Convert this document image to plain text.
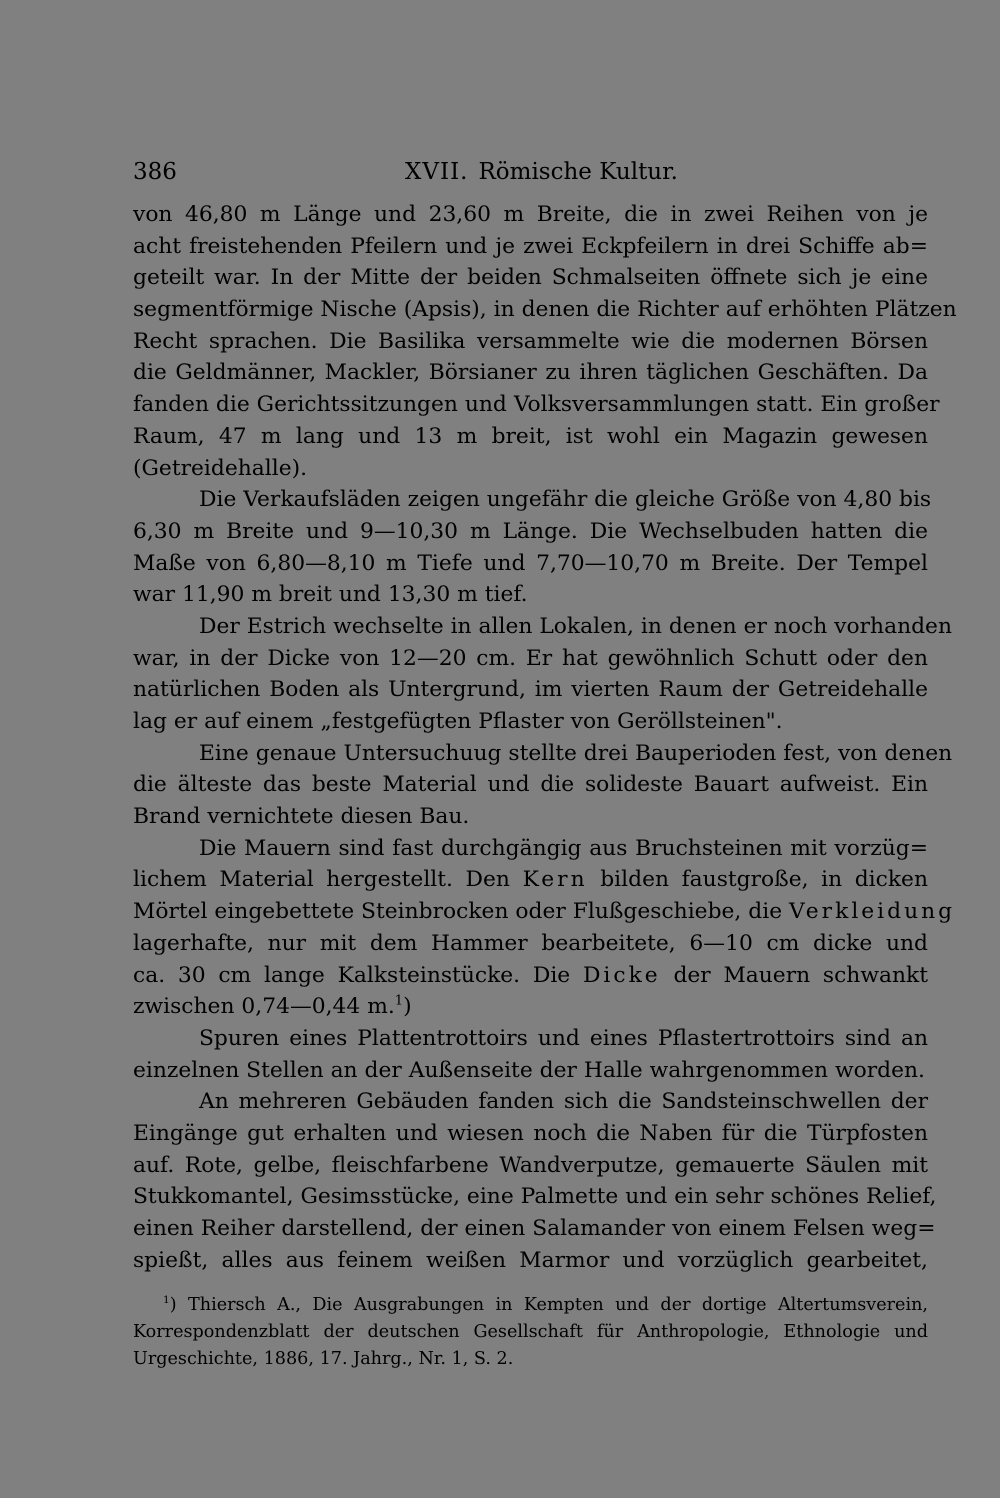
386	XVII. Römische Kultur.
von 46,80 m Länge und 23,60 m Breite, die in zwei Reihen von je
acht freistehenden Pfeilern und je zwei Eckpfeilern in drei Schiffe ab=
geteilt war. In der Mitte der beiden Schmalseiten öffnete sich je eine
segmentförmige Nische (Apsis), in denen die Richter auf erhöhten Plätzen
Recht sprachen. Die Basilika versammelte wie die modernen Börsen
die Geldmänner, Mackler, Börsianer zu ihren täglichen Geschäften. Da
fanden die Gerichtssitzungen und Volksversammlungen statt. Ein großer
Raum, 47 m lang und 13 m breit, ist wohl ein Magazin gewesen
(Getreidehalle).
Die Verkaufsläden zeigen ungefähr die gleiche Größe von 4,80 bis
6,30 m Breite und 9—10,30 m Länge. Die Wechselbuden hatten die
Maße von 6,80—8,10 m Tiefe und 7,70—10,70 m Breite. Der Tempel
war 11,90 m breit und 13,30 m tief.
Der Estrich wechselte in allen Lokalen, in denen er noch vorhanden
war, in der Dicke von 12—20 cm. Er hat gewöhnlich Schutt oder den
natürlichen Boden als Untergrund, im vierten Raum der Getreidehalle
lag er auf einem „festgefügten Pflaster von Geröllsteinen".
Eine genaue Untersuchuug stellte drei Bauperioden fest, von denen
die älteste das beste Material und die solideste Bauart aufweist. Ein
Brand vernichtete diesen Bau.
Die Mauern sind fast durchgängig aus Bruchsteinen mit vorzüg=
lichem Material hergestellt. Den Kern bilden faustgroße, in dicken
Mörtel eingebettete Steinbrocken oder Flußgeschiebe, die Verkleidung
lagerhafte, nur mit dem Hammer bearbeitete, 6—10 cm dicke und
ca. 30 cm lange Kalksteinstücke. Die Dicke der Mauern schwankt
zwischen 0,74—0,44 m.$^1$)
Spuren eines Plattentrottoirs und eines Pflastertrottoirs sind an
einzelnen Stellen an der Außenseite der Halle wahrgenommen worden.
An mehreren Gebäuden fanden sich die Sandsteinschwellen der
Eingänge gut erhalten und wiesen noch die Naben für die Türpfosten
auf. Rote, gelbe, fleischfarbene Wandverputze, gemauerte Säulen mit
Stukkomantel, Gesimsstücke, eine Palmette und ein sehr schönes Relief,
einen Reiher darstellend, der einen Salamander von einem Felsen weg=
spießt, alles aus feinem weißen Marmor und vorzüglich gearbeitet,
$^1$) Thiersch A., Die Ausgrabungen in Kempten und der dortige Altertumsverein,
Korrespondenzblatt der deutschen Gesellschaft für Anthropologie, Ethnologie und
Urgeschichte, 1886, 17. Jahrg., Nr. 1, S. 2.
